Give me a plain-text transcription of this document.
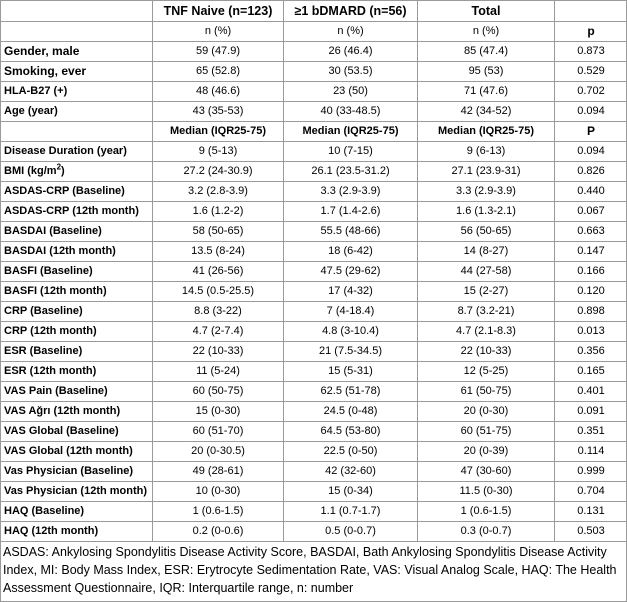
	TNF Naive (n=123)	≥1 bDMARD (n=56)	Total	
	n (%)	n (%)	n (%)	p
Gender, male	59 (47.9)	26 (46.4)	85 (47.4)	0.873
Smoking, ever	65 (52.8)	30 (53.5)	95 (53)	0.529
HLA-B27 (+)	48 (46.6)	23 (50)	71 (47.6)	0.702
Age (year)	43 (35-53)	40 (33-48.5)	42 (34-52)	0.094
	Median (IQR25-75)	Median (IQR25-75)	Median (IQR25-75)	P
Disease Duration (year)	9 (5-13)	10 (7-15)	9 (6-13)	0.094
BMI $(kg/m^2)$	27.2 (24-30.9)	26.1 (23.5-31.2)	27.1 (23.9-31)	0.826
ASDAS-CRP (Baseline)	3.2 (2.8-3.9)	3.3 (2.9-3.9)	3.3 (2.9-3.9)	0.440
ASDAS-CRP (12th month)	1.6 (1.2-2)	1.7 (1.4-2.6)	1.6 (1.3-2.1)	0.067
BASDAI (Baseline)	58 (50-65)	55.5 (48-66)	56 (50-65)	0.663
BASDAI (12th month)	13.5 (8-24)	18 (6-42)	14 (8-27)	0.147
BASFI (Baseline)	41 (26-56)	47.5 (29-62)	44 (27-58)	0.166
BASFI (12th month)	14.5 (0.5-25.5)	17 (4-32)	15 (2-27)	0.120
CRP (Baseline)	8.8 (3-22)	7 (4-18.4)	8.7 (3.2-21)	0.898
CRP (12th month)	4.7 (2-7.4)	4.8 (3-10.4)	4.7 (2.1-8.3)	0.013
ESR (Baseline)	22 (10-33)	21 (7.5-34.5)	22 (10-33)	0.356
ESR (12th month)	11 (5-24)	15 (5-31)	12 (5-25)	0.165
VAS Pain (Baseline)	60 (50-75)	62.5 (51-78)	61 (50-75)	0.401
VAS Ağrı (12th month)	15 (0-30)	24.5 (0-48)	20 (0-30)	0.091
VAS Global (Baseline)	60 (51-70)	64.5 (53-80)	60 (51-75)	0.351
VAS Global (12th month)	20 (0-30.5)	22.5 (0-50)	20 (0-39)	0.114
Vas Physician (Baseline)	49 (28-61)	42 (32-60)	47 (30-60)	0.999
Vas Physician (12th month)	10 (0-30)	15 (0-34)	11.5 (0-30)	0.704
HAQ (Baseline)	1 (0.6-1.5)	1.1 (0.7-1.7)	1 (0.6-1.5)	0.131
HAQ (12th month)	0.2 (0-0.6)	0.5 (0-0.7)	0.3 (0-0.7)	0.503
ASDAS: Ankylosing Spondylitis Disease Activity Score, BASDAI, Bath Ankylosing Spondylitis Disease Activity Index, MI: Body Mass Index, ESR: Erytrocyte Sedimentation Rate, VAS: Visual Analog Scale, HAQ: The Health Assessment Questionnaire, IQR: Interquartile range, n: number
